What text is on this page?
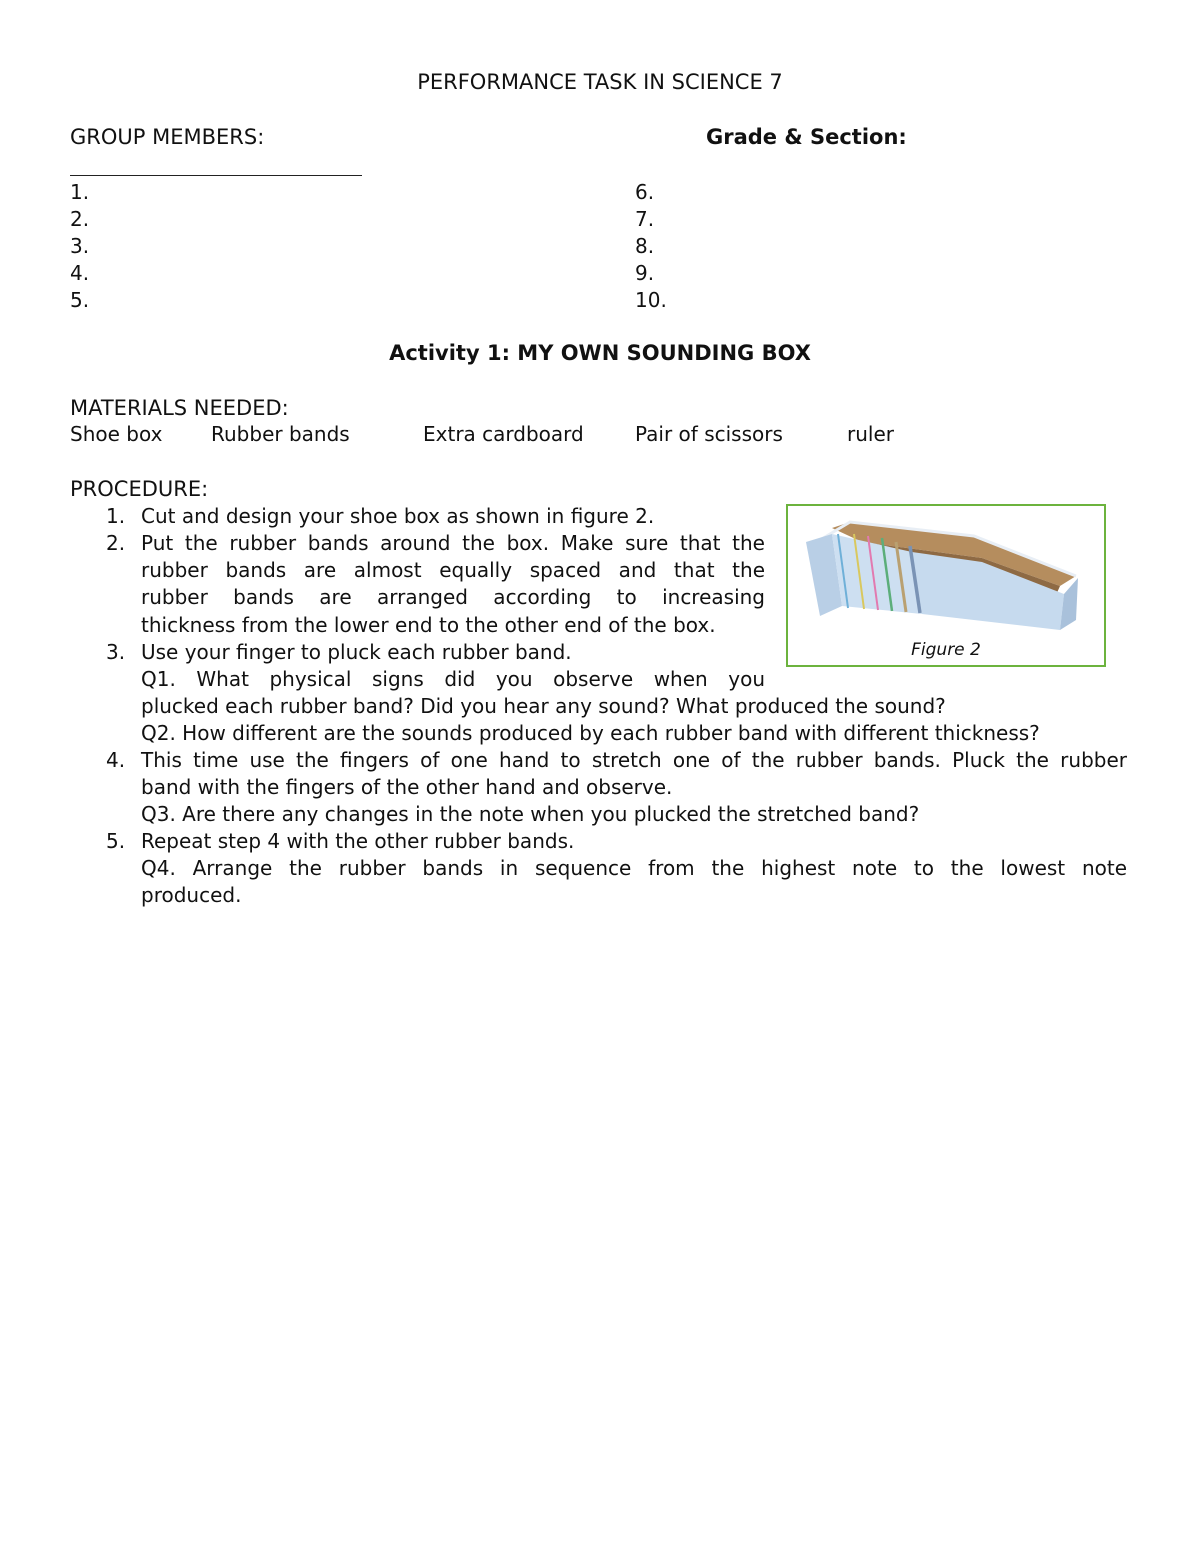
PERFORMANCE TASK IN SCIENCE 7
GROUP MEMBERS:	Grade & Section:
1.
2.
3.
4.
5.
6.
7.
8.
9.
10.
Activity 1: MY OWN SOUNDING BOX
MATERIALS NEEDED:
Shoe box Rubber bands	Extra cardboard	Pair of scissors	ruler
PROCEDURE:
1. Cut and design your shoe box as shown in figure 2.
2. Put the rubber bands around the box. Make sure that the
rubber bands are almost equally spaced and that the
rubber bands are arranged according to increasing
thickness from the lower end to the other end of the box.
3. Use your finger to pluck each rubber band.
Q1. What physical signs did you observe when you
plucked each rubber band? Did you hear any sound? What produced the sound?
Q2. How different are the sounds produced by each rubber band with different thickness?
4. This time use the fingers of one hand to stretch one of the rubber bands. Pluck the rubber
band with the fingers of the other hand and observe.
Q3. Are there any changes in the note when you plucked the stretched band?
5. Repeat step 4 with the other rubber bands.
Q4. Arrange the rubber bands in sequence from the highest note to the lowest note
produced.
Figure 2
